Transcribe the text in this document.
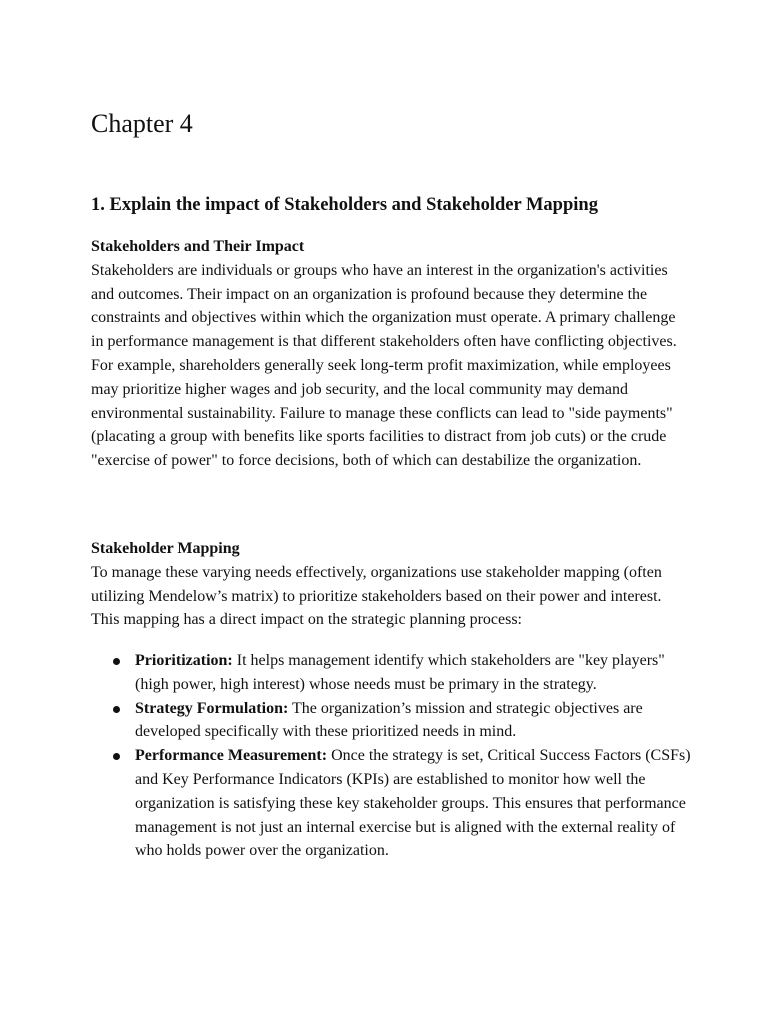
Chapter 4
1. Explain the impact of Stakeholders and Stakeholder Mapping
Stakeholders and Their Impact

Stakeholders are individuals or groups who have an interest in the organization's activities and outcomes. Their impact on an organization is profound because they determine the constraints and objectives within which the organization must operate. A primary challenge in performance management is that different stakeholders often have conflicting objectives. For example, shareholders generally seek long-term profit maximization, while employees may prioritize higher wages and job security, and the local community may demand environmental sustainability. Failure to manage these conflicts can lead to "side payments" (placating a group with benefits like sports facilities to distract from job cuts) or the crude "exercise of power" to force decisions, both of which can destabilize the organization.

Stakeholder Mapping

To manage these varying needs effectively, organizations use stakeholder mapping (often utilizing Mendelow’s matrix) to prioritize stakeholders based on their power and interest. This mapping has a direct impact on the strategic planning process:

Prioritization: It helps management identify which stakeholders are "key players" (high power, high interest) whose needs must be primary in the strategy.
Strategy Formulation: The organization’s mission and strategic objectives are developed specifically with these prioritized needs in mind.
Performance Measurement: Once the strategy is set, Critical Success Factors (CSFs) and Key Performance Indicators (KPIs) are established to monitor how well the organization is satisfying these key stakeholder groups. This ensures that performance management is not just an internal exercise but is aligned with the external reality of who holds power over the organization.
